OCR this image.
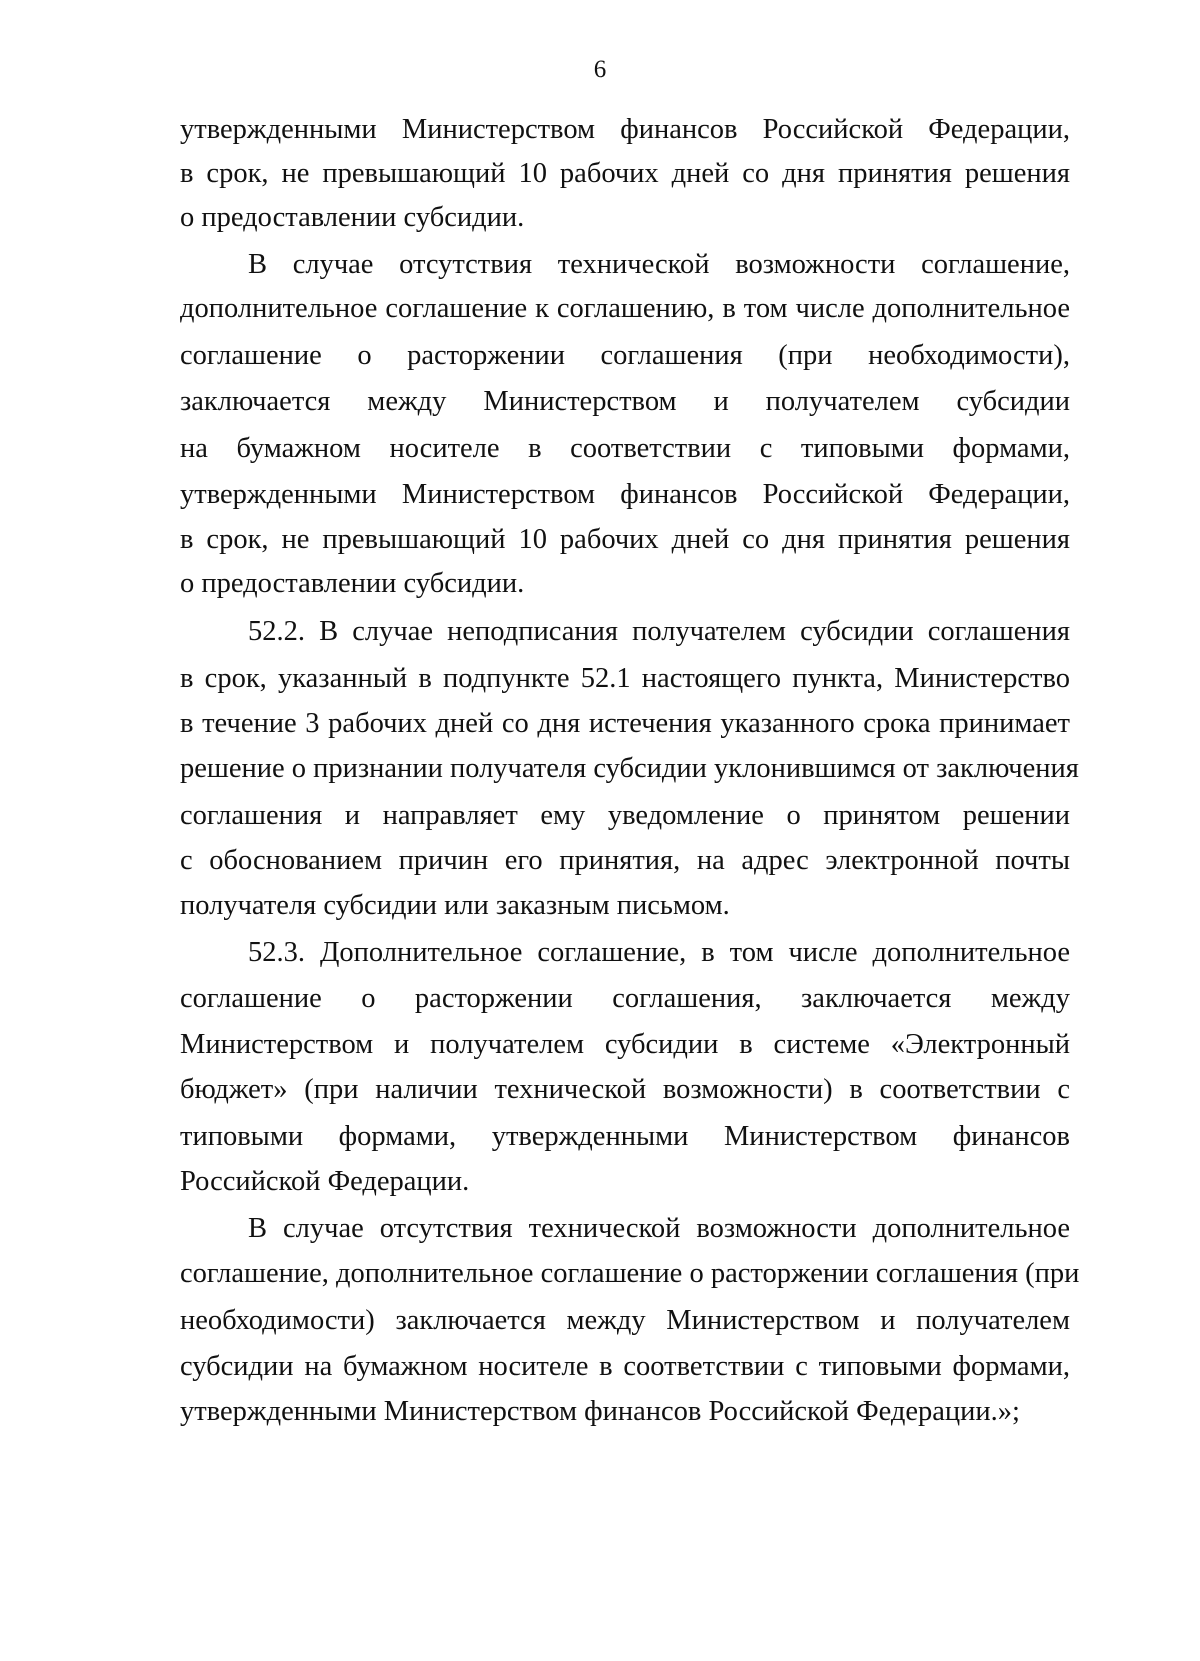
6
утвержденными Министерством финансов Российской Федерации,
в срок, не превышающий 10 рабочих дней со дня принятия решения
о предоставлении субсидии.
В случае отсутствия технической возможности соглашение,
дополнительное соглашение к соглашению, в том числе дополнительное
соглашение о расторжении соглашения (при необходимости),
заключается между Министерством и получателем субсидии
на бумажном носителе в соответствии с типовыми формами,
утвержденными Министерством финансов Российской Федерации,
в срок, не превышающий 10 рабочих дней со дня принятия решения
о предоставлении субсидии.
52.2. В случае неподписания получателем субсидии соглашения
в срок, указанный в подпункте 52.1 настоящего пункта, Министерство
в течение 3 рабочих дней со дня истечения указанного срока принимает
решение о признании получателя субсидии уклонившимся от заключения
соглашения и направляет ему уведомление о принятом решении
с обоснованием причин его принятия, на адрес электронной почты
получателя субсидии или заказным письмом.
52.3. Дополнительное соглашение, в том числе дополнительное
соглашение о расторжении соглашения, заключается между
Министерством и получателем субсидии в системе «Электронный
бюджет» (при наличии технической возможности) в соответствии с
типовыми формами, утвержденными Министерством финансов
Российской Федерации.
В случае отсутствия технической возможности дополнительное
соглашение, дополнительное соглашение о расторжении соглашения (при
необходимости) заключается между Министерством и получателем
субсидии на бумажном носителе в соответствии с типовыми формами,
утвержденными Министерством финансов Российской Федерации.»;
